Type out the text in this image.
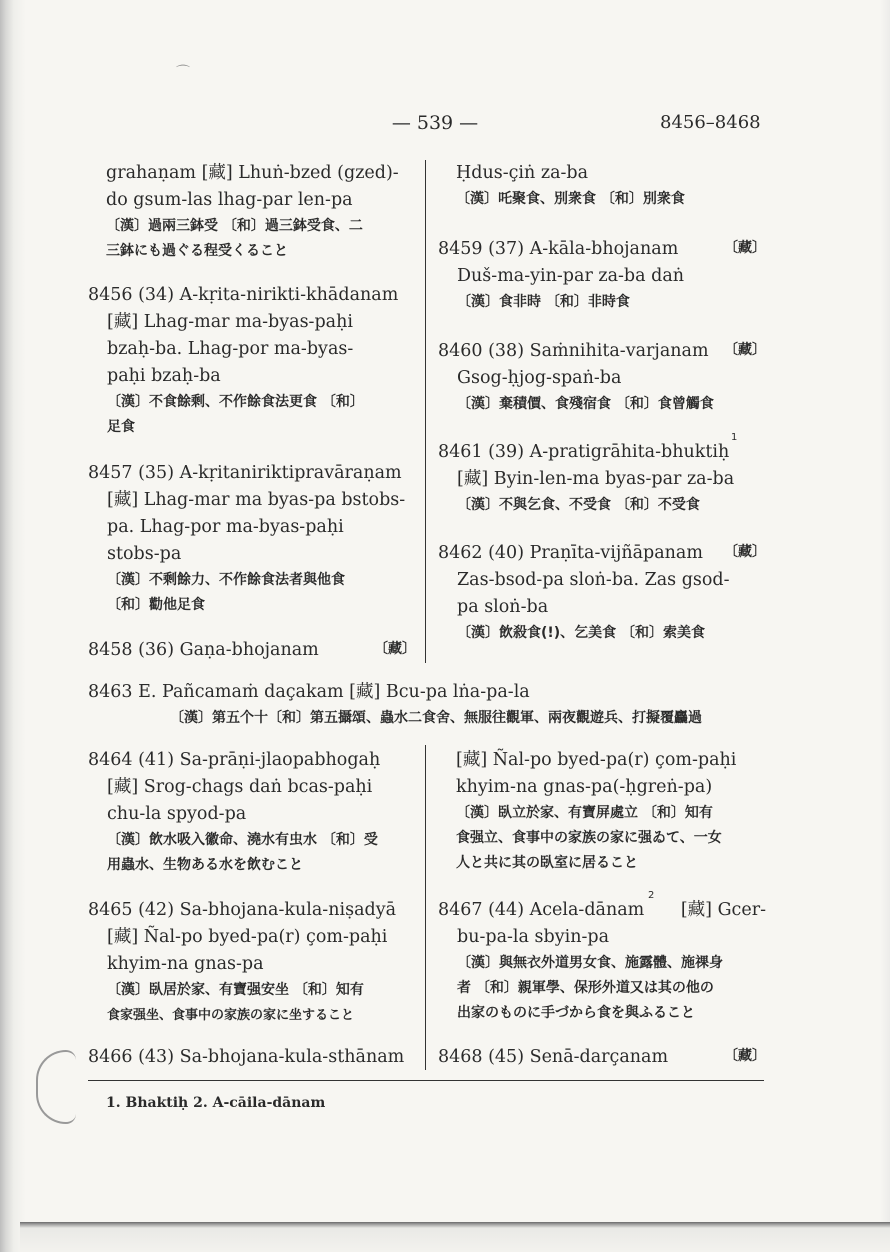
⌒
— 539 —	8456–8468
grahaṇam [藏] Lhuṅ-bzed (gzed)-
do gsum-las lhag-par len-pa
〔漢〕過兩三鉢受 〔和〕過三鉢受食、二
三鉢にも過ぐる程受くること
8456 (34) A-kṛita-nirikti-khādanam
[藏] Lhag-mar ma-byas-paḥi
bzaḥ-ba. Lhag-por ma-byas-
paḥi bzaḥ-ba
〔漢〕不食餘剩、不作餘食法更食 〔和〕
足食
8457 (35) A-kṛitaniriktipravāraṇam
[藏] Lhag-mar ma byas-pa bstobs-
pa. Lhag-por ma-byas-paḥi
stobs-pa
〔漢〕不剩餘力、不作餘食法者與他食
〔和〕勸他足食
8458 (36) Gaṇa-bhojanam	〔藏〕
Ḥdus-çiṅ za-ba
〔漢〕吒聚食、別衆食 〔和〕別衆食
8459 (37) A-kāla-bhojanam	〔藏〕
Duš-ma-yin-par za-ba daṅ
〔漢〕食非時 〔和〕非時食
8460 (38) Saṁnihita-varjanam	〔藏〕
Gsog-ḥjog-spaṅ-ba
〔漢〕棄積價、食殘宿食 〔和〕食曾觸食
1
8461 (39) A-pratigrāhita-bhuktiḥ
[藏] Byin-len-ma byas-par za-ba
〔漢〕不與乞食、不受食 〔和〕不受食
8462 (40) Praṇīta-vijñāpanam	〔藏〕
Zas-bsod-pa sloṅ-ba. Zas gsod-
pa sloṅ-ba
〔漢〕飲殺食(!)、乞美食 〔和〕索美食
8463 E. Pañcamaṁ daçakam [藏] Bcu-pa lṅa-pa-la
〔漢〕第五个十〔和〕第五攝頌、蟲水二食舍、無服往觀軍、兩夜觀遊兵、打擬覆麤過
8464 (41) Sa-prāṇi-jlaopabhogaḥ
[藏] Srog-chags daṅ bcas-paḥi
chu-la spyod-pa
〔漢〕飲水吸入徽命、澆水有虫水 〔和〕受
用蟲水、生物ある水を飲むこと
8465 (42) Sa-bhojana-kula-niṣadyā
[藏] Ñal-po byed-pa(r) çom-paḥi
khyim-na gnas-pa
〔漢〕臥居於家、有寶强安坐 〔和〕知有
食家强坐、食事中の家族の家に坐すること
8466 (43) Sa-bhojana-kula-sthānam
[藏] Ñal-po byed-pa(r) çom-paḥi
khyim-na gnas-pa(-ḥgreṅ-pa)
〔漢〕臥立於家、有寶屏處立 〔和〕知有
食强立、食事中の家族の家に强ゐて、一女
人と共に其の臥室に居ること
2
8467 (44) Acela-dānam	[藏] Gcer-
bu-pa-la sbyin-pa
〔漢〕與無衣外道男女食、施露體、施祼身
者 〔和〕親軍學、保形外道又は其の他の
出家のものに手づから食を與ふること
8468 (45) Senā-darçanam	〔藏〕
1. Bhaktiḥ 2. A-cāila-dānam
